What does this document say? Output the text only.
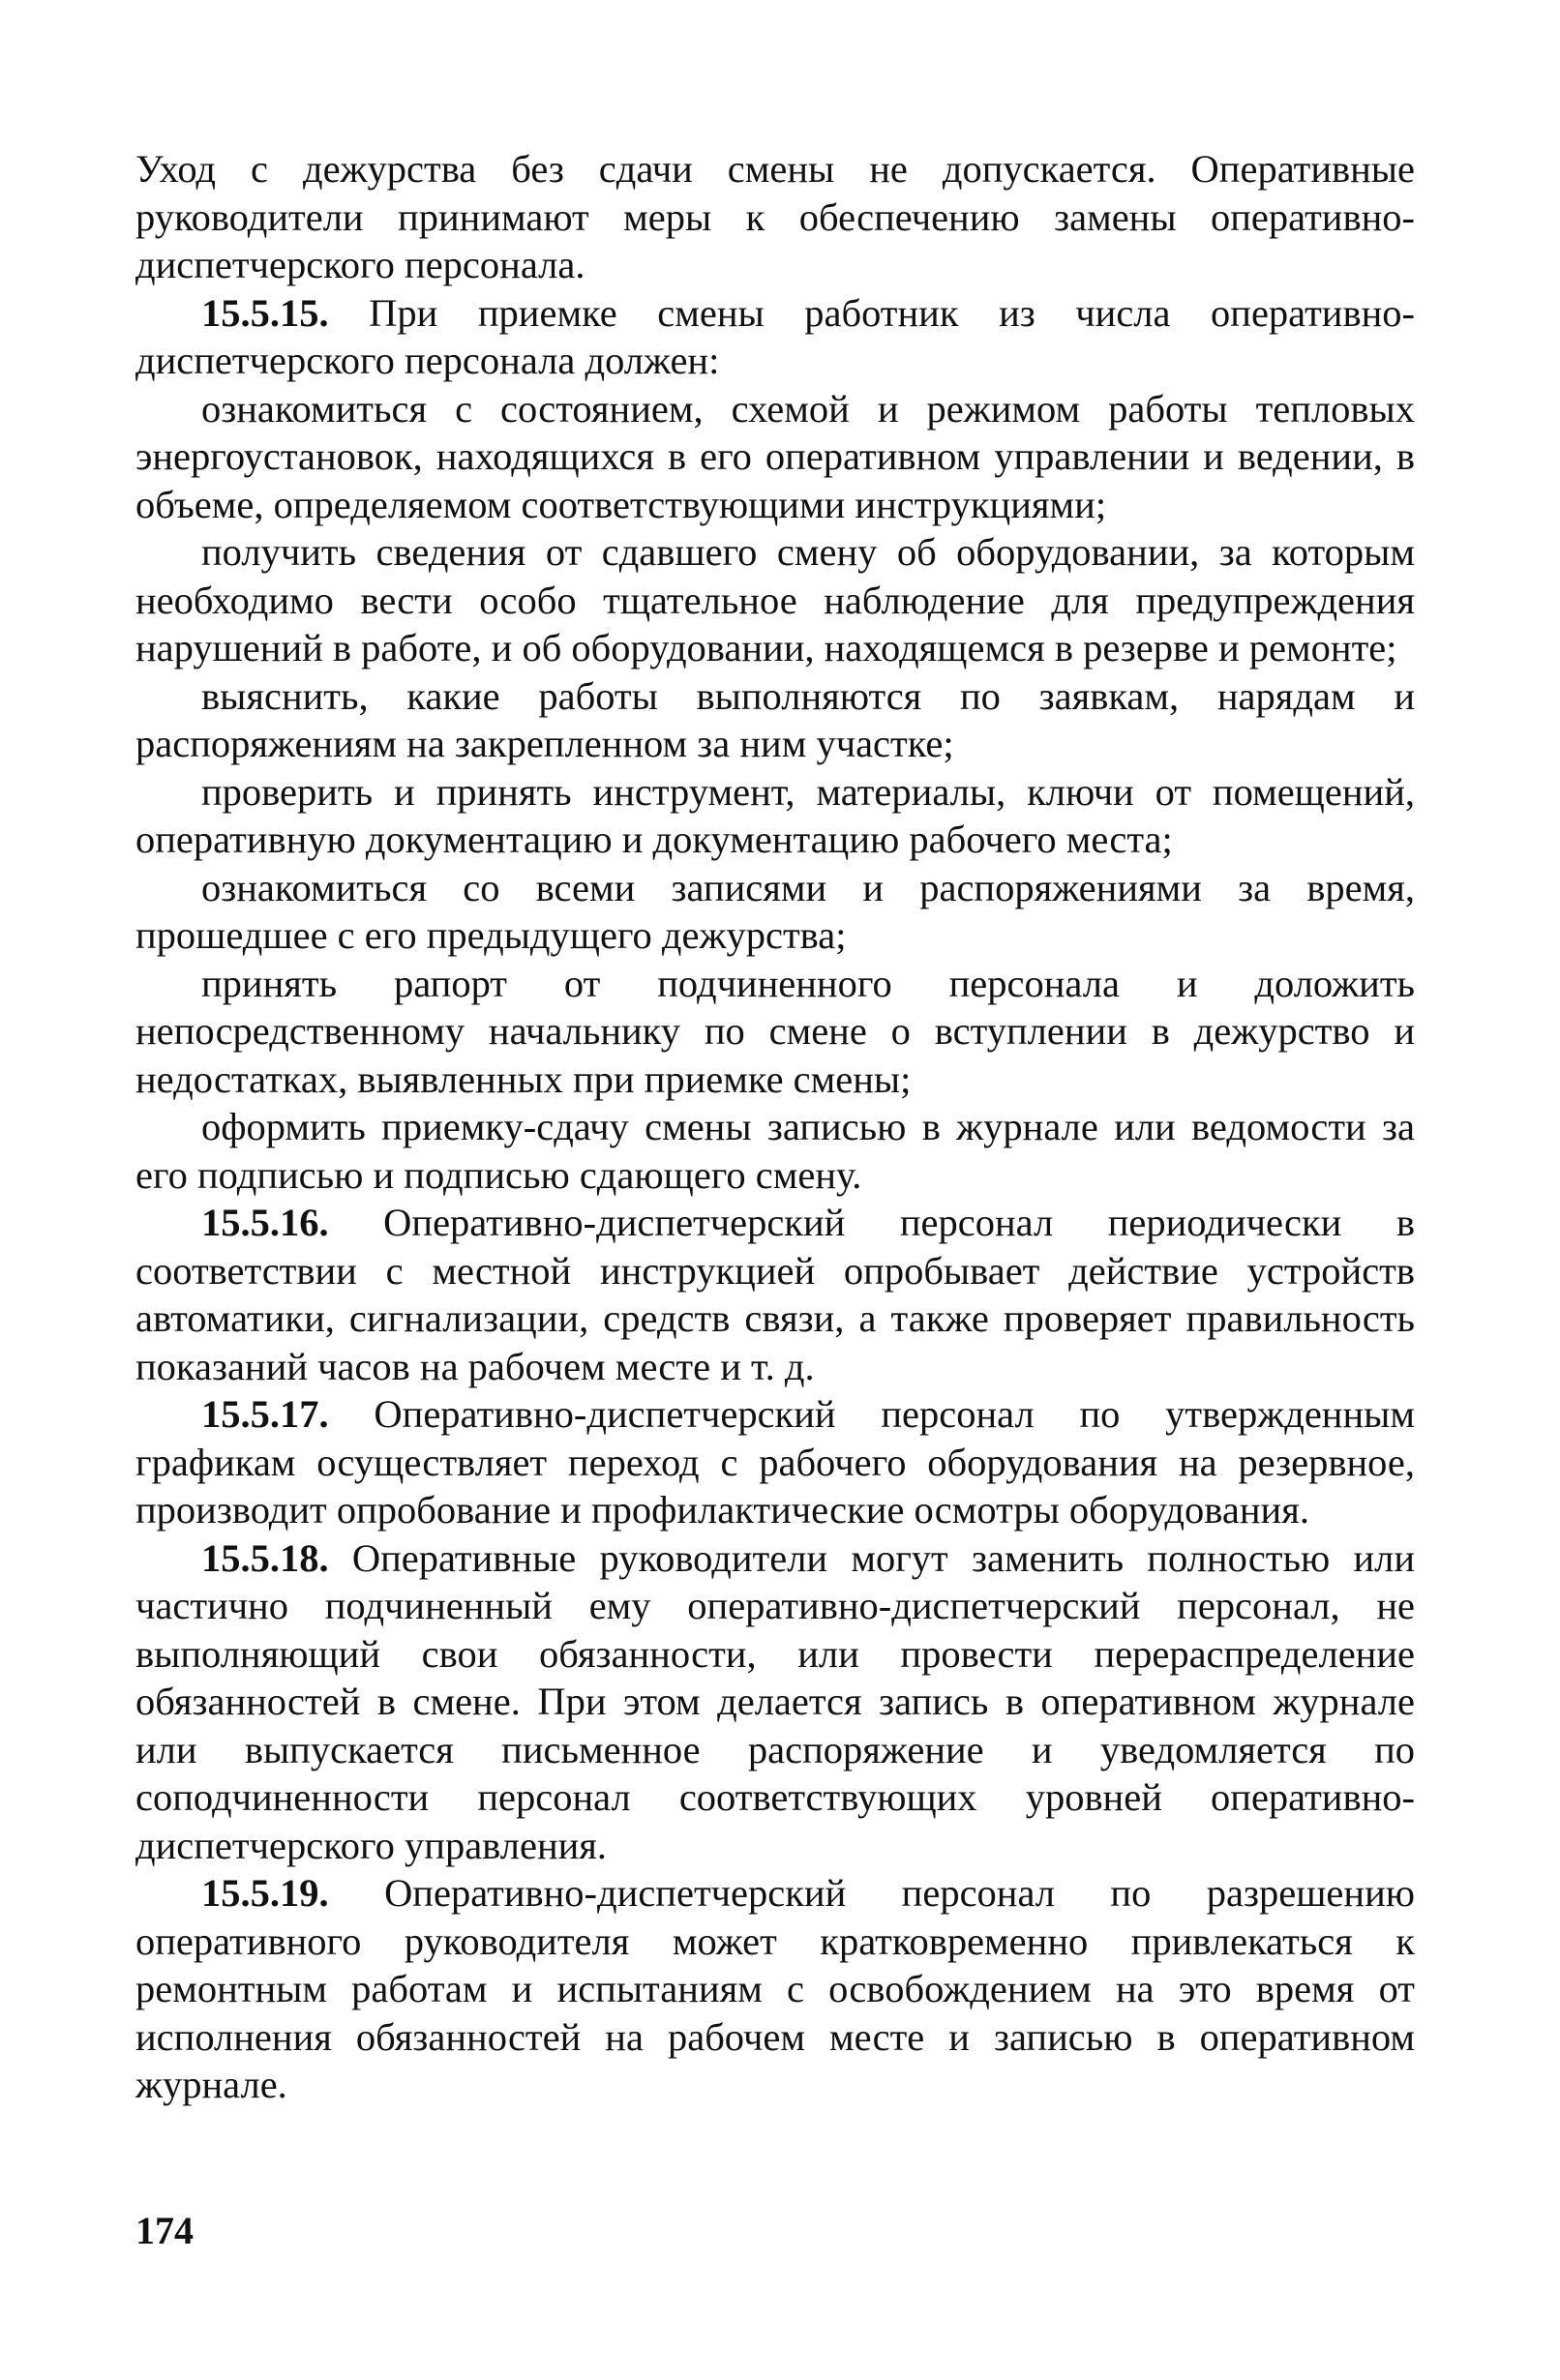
Уход с дежурства без сдачи смены не допускается. Оперативные руководители принимают меры к обеспечению замены оперативно-диспетчерского персонала.

15.5.15. При приемке смены работник из числа оперативно-диспетчерского персонала должен:

ознакомиться с состоянием, схемой и режимом работы тепловых энергоустановок, находящихся в его оперативном управлении и ведении, в объеме, определяемом соответствующими инструкциями;

получить сведения от сдавшего смену об оборудовании, за которым необходимо вести особо тщательное наблюдение для предупреждения нарушений в работе, и об оборудовании, находящемся в резерве и ремонте;

выяснить, какие работы выполняются по заявкам, нарядам и распоряжениям на закрепленном за ним участке;

проверить и принять инструмент, материалы, ключи от помещений, оперативную документацию и документацию рабочего места;

ознакомиться со всеми записями и распоряжениями за время, прошедшее с его предыдущего дежурства;

принять рапорт от подчиненного персонала и доложить непосредственному начальнику по смене о вступлении в дежурство и недостатках, выявленных при приемке смены;

оформить приемку-сдачу смены записью в журнале или ведомости за его подписью и подписью сдающего смену.

15.5.16. Оперативно-диспетчерский персонал периодически в соответствии с местной инструкцией опробывает действие устройств автоматики, сигнализации, средств связи, а также проверяет правильность показаний часов на рабочем месте и т. д.

15.5.17. Оперативно-диспетчерский персонал по утвержденным графикам осуществляет переход с рабочего оборудования на резервное, производит опробование и профилактические осмотры оборудования.

15.5.18. Оперативные руководители могут заменить полностью или частично подчиненный ему оперативно-диспетчерский персонал, не выполняющий свои обязанности, или провести перераспределение обязанностей в смене. При этом делается запись в оперативном журнале или выпускается письменное распоряжение и уведомляется по соподчиненности персонал соответствующих уровней оперативно-диспетчерского управления.

15.5.19. Оперативно-диспетчерский персонал по разрешению оперативного руководителя может кратковременно привлекаться к ремонтным работам и испытаниям с освобождением на это время от исполнения обязанностей на рабочем месте и записью в оперативном журнале.

174
